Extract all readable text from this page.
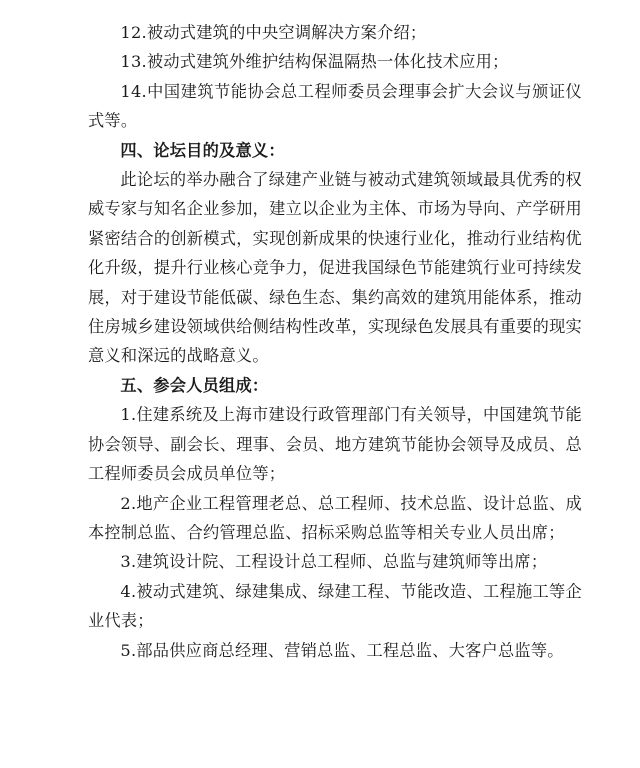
12.被动式建筑的中央空调解决方案介绍；

13.被动式建筑外维护结构保温隔热一体化技术应用；

14.中国建筑节能协会总工程师委员会理事会扩大会议与颁证仪式等。

四、论坛目的及意义：

此论坛的举办融合了绿建产业链与被动式建筑领域最具优秀的权威专家与知名企业参加，建立以企业为主体、市场为导向、产学研用紧密结合的创新模式，实现创新成果的快速行业化，推动行业结构优化升级，提升行业核心竞争力，促进我国绿色节能建筑行业可持续发展，对于建设节能低碳、绿色生态、集约高效的建筑用能体系，推动住房城乡建设领域供给侧结构性改革，实现绿色发展具有重要的现实意义和深远的战略意义。

五、参会人员组成：

1.住建系统及上海市建设行政管理部门有关领导，中国建筑节能协会领导、副会长、理事、会员、地方建筑节能协会领导及成员、总工程师委员会成员单位等；

2.地产企业工程管理老总、总工程师、技术总监、设计总监、成本控制总监、合约管理总监、招标采购总监等相关专业人员出席；

3.建筑设计院、工程设计总工程师、总监与建筑师等出席；

4.被动式建筑、绿建集成、绿建工程、节能改造、工程施工等企业代表；

5.部品供应商总经理、营销总监、工程总监、大客户总监等。
